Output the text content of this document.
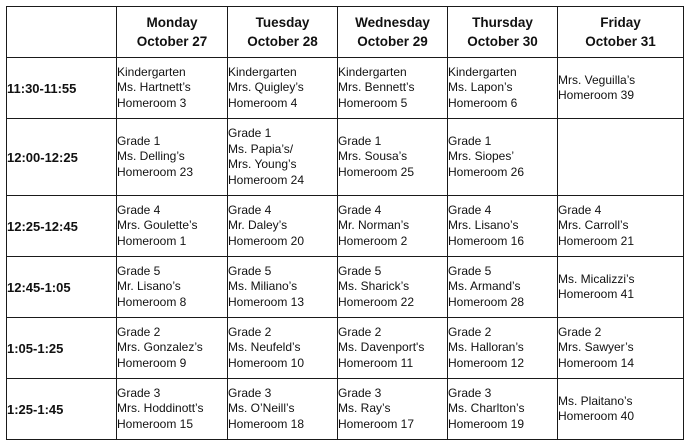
	Monday
October 27	Tuesday
October 28	Wednesday
October 29	Thursday
October 30	Friday
October 31

11:30-11:55	Kindergarten
Ms. Hartnett’s
Homeroom 3	Kindergarten
Mrs. Quigley’s
Homeroom 4	Kindergarten
Mrs. Bennett’s
Homeroom 5	Kindergarten
Ms. Lapon’s
Homeroom 6	Mrs. Veguilla’s
Homeroom 39

12:00-12:25	Grade 1
Ms. Delling’s
Homeroom 23	Grade 1
Ms. Papia’s/
Mrs. Young’s
Homeroom 24	Grade 1
Mrs. Sousa’s
Homeroom 25	Grade 1
Mrs. Siopes’
Homeroom 26	

12:25-12:45	Grade 4
Mrs. Goulette’s
Homeroom 1	Grade 4
Mr. Daley’s
Homeroom 20	Grade 4
Mr. Norman’s
Homeroom 2	Grade 4
Mrs. Lisano’s
Homeroom 16	Grade 4
Mrs. Carroll’s
Homeroom 21

12:45-1:05	Grade 5
Mr. Lisano’s
Homeroom 8	Grade 5
Ms. Miliano’s
Homeroom 13	Grade 5
Ms. Sharick’s
Homeroom 22	Grade 5
Ms. Armand’s
Homeroom 28	Ms. Micalizzi’s
Homeroom 41

1:05-1:25	Grade 2
Mrs. Gonzalez’s
Homeroom 9	Grade 2
Ms. Neufeld’s
Homeroom 10	Grade 2
Ms. Davenport's
Homeroom 11	Grade 2
Ms. Halloran’s
Homeroom 12	Grade 2
Mrs. Sawyer’s
Homeroom 14

1:25-1:45	Grade 3
Mrs. Hoddinott’s
Homeroom 15	Grade 3
Ms. O’Neill’s
Homeroom 18	Grade 3
Ms. Ray’s
Homeroom 17	Grade 3
Ms. Charlton’s
Homeroom 19	Ms. Plaitano’s
Homeroom 40
